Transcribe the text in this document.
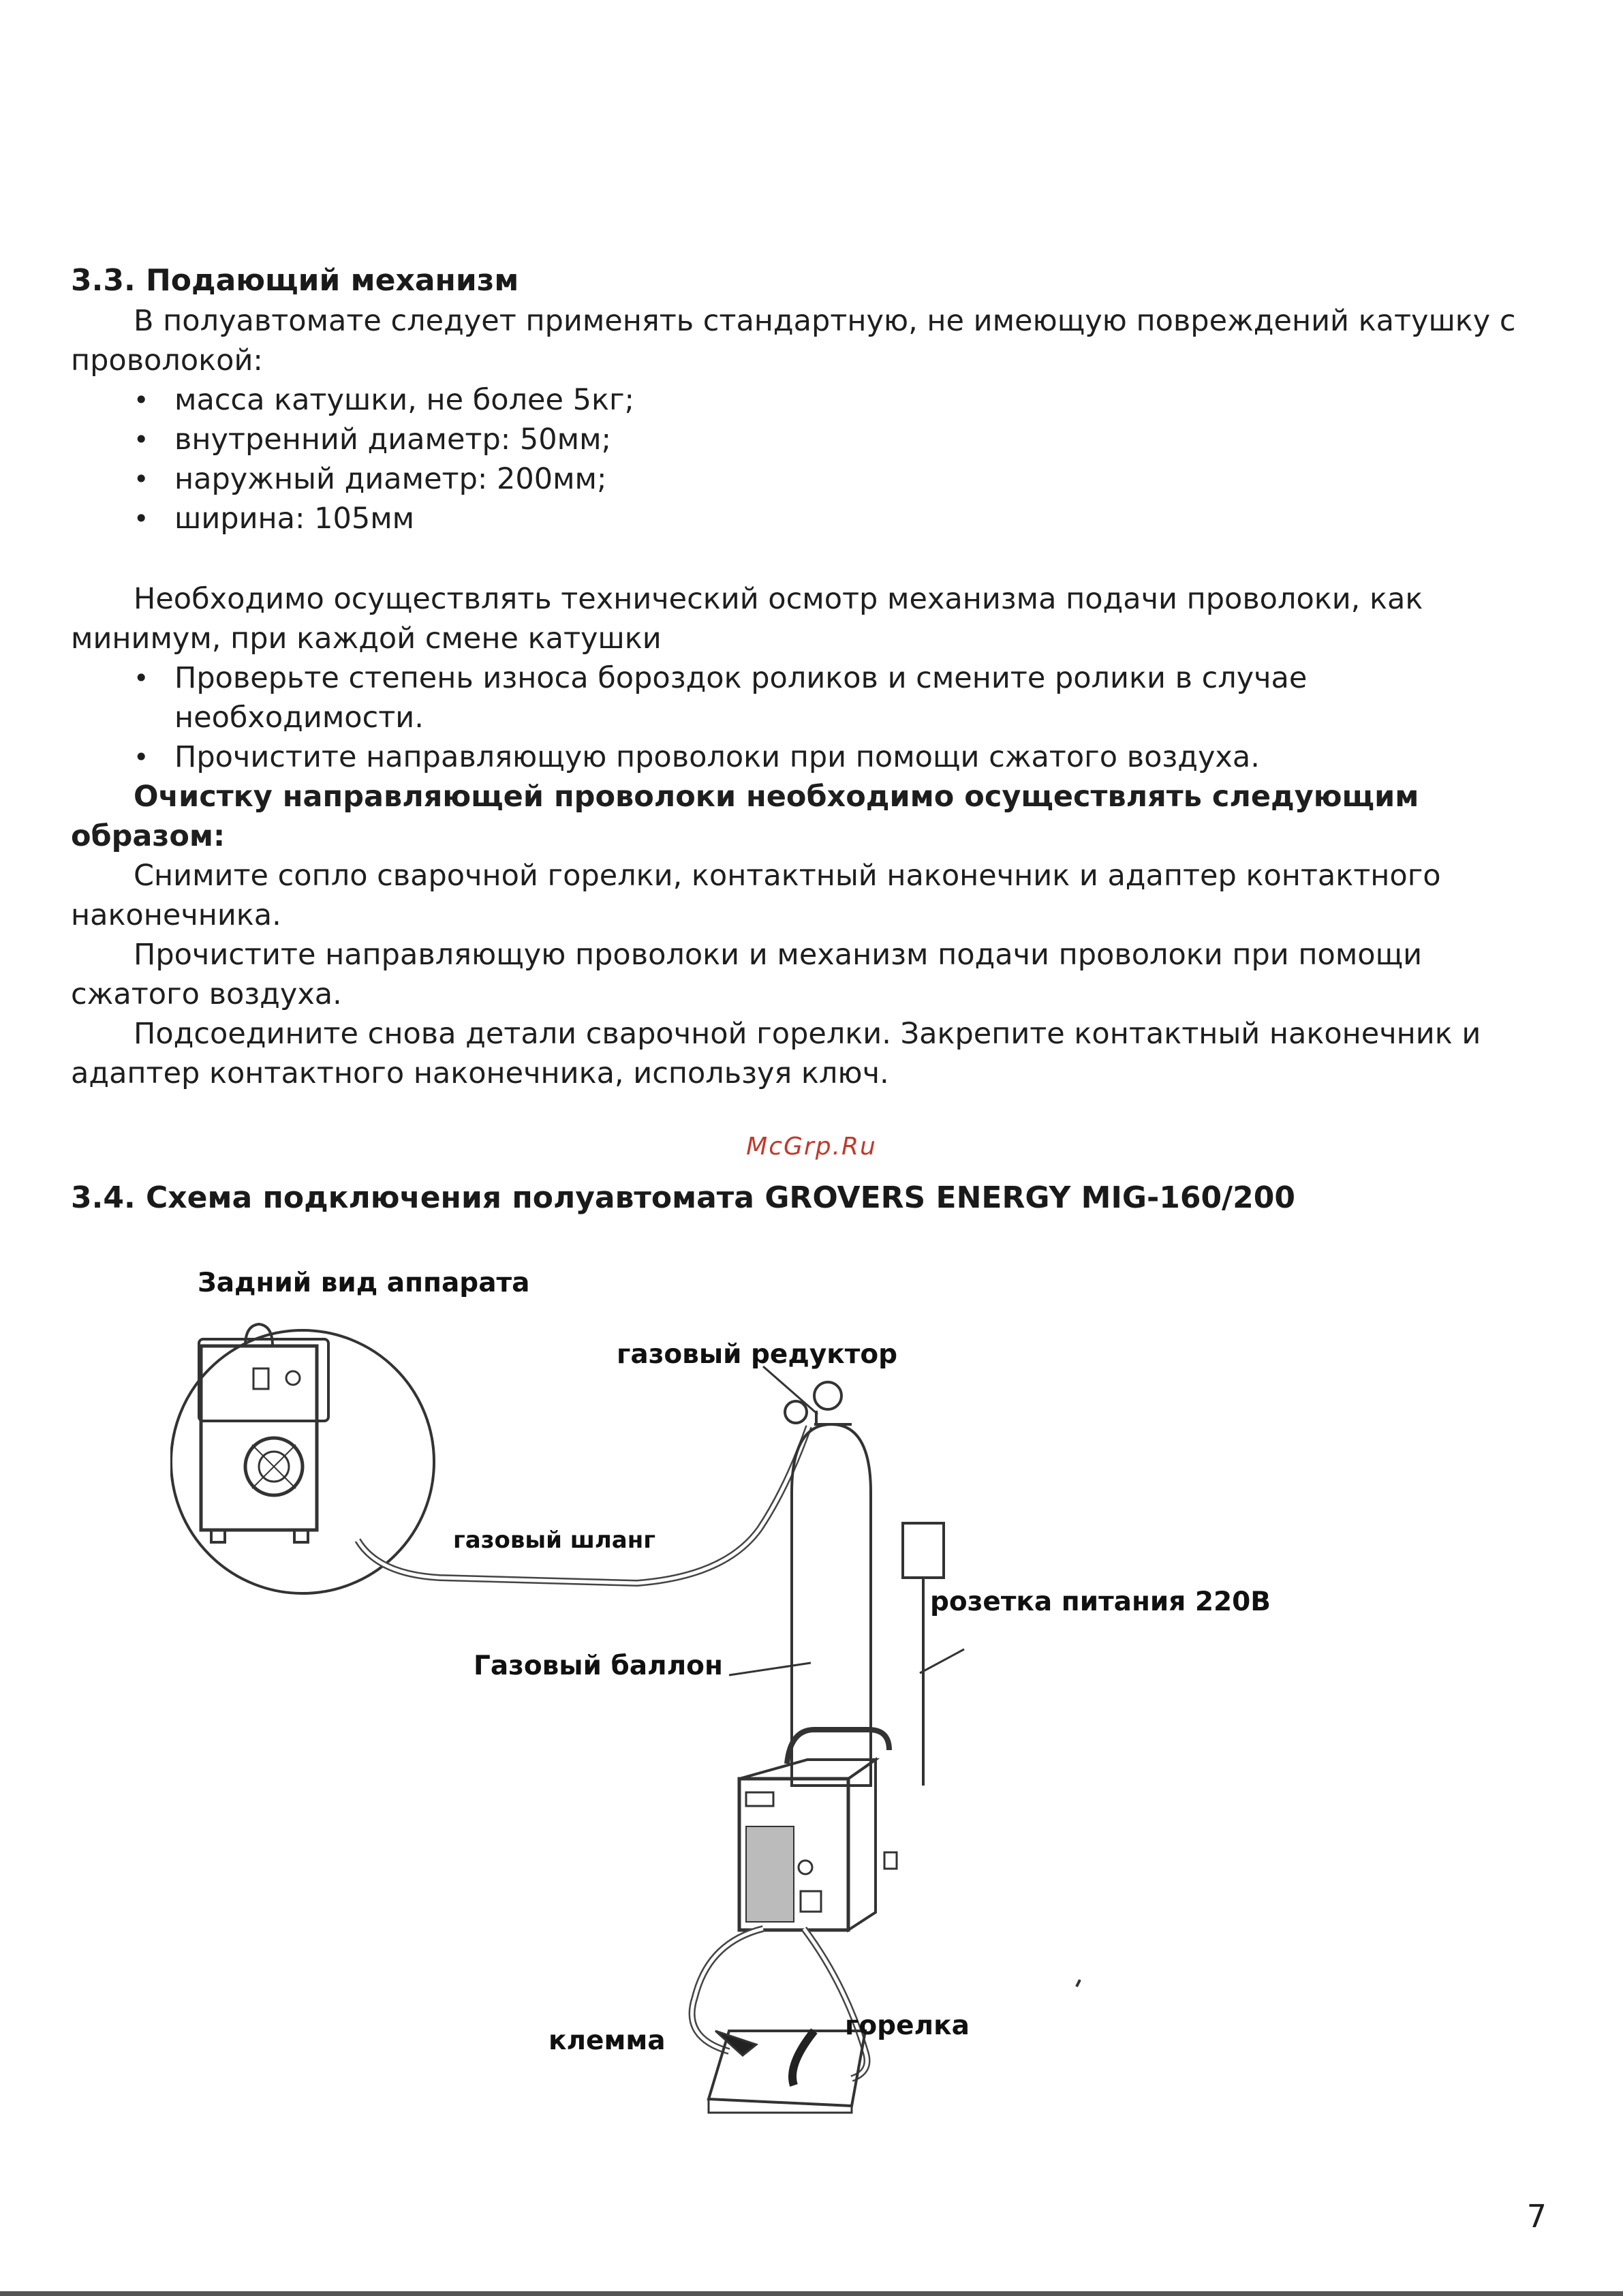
3.3. Подающий механизм

В полуавтомате следует применять стандартную, не имеющую повреждений катушку с проволокой:

• масса катушки, не более 5кг;
• внутренний диаметр: 50мм;
• наружный диаметр: 200мм;
• ширина: 105мм

Необходимо осуществлять технический осмотр механизма подачи проволоки, как минимум, при каждой смене катушки

• Проверьте степень износа бороздок роликов и смените ролики в случае необходимости.
• Прочистите направляющую проволоки при помощи сжатого воздуха.

Очистку направляющей проволоки необходимо осуществлять следующим образом:

Снимите сопло сварочной горелки, контактный наконечник и адаптер контактного наконечника.

Прочистите направляющую проволоки и механизм подачи проволоки при помощи сжатого воздуха.

Подсоедините снова детали сварочной горелки. Закрепите контактный наконечник и адаптер контактного наконечника, используя ключ.

McGrp.Ru
3.4. Схема подключения полуавтомата GROVERS ENERGY MIG-160/200
Задний вид аппарата
газовый редуктор
газовый шланг
розетка питания 220В
Газовый баллон
клемма	горелка
7
